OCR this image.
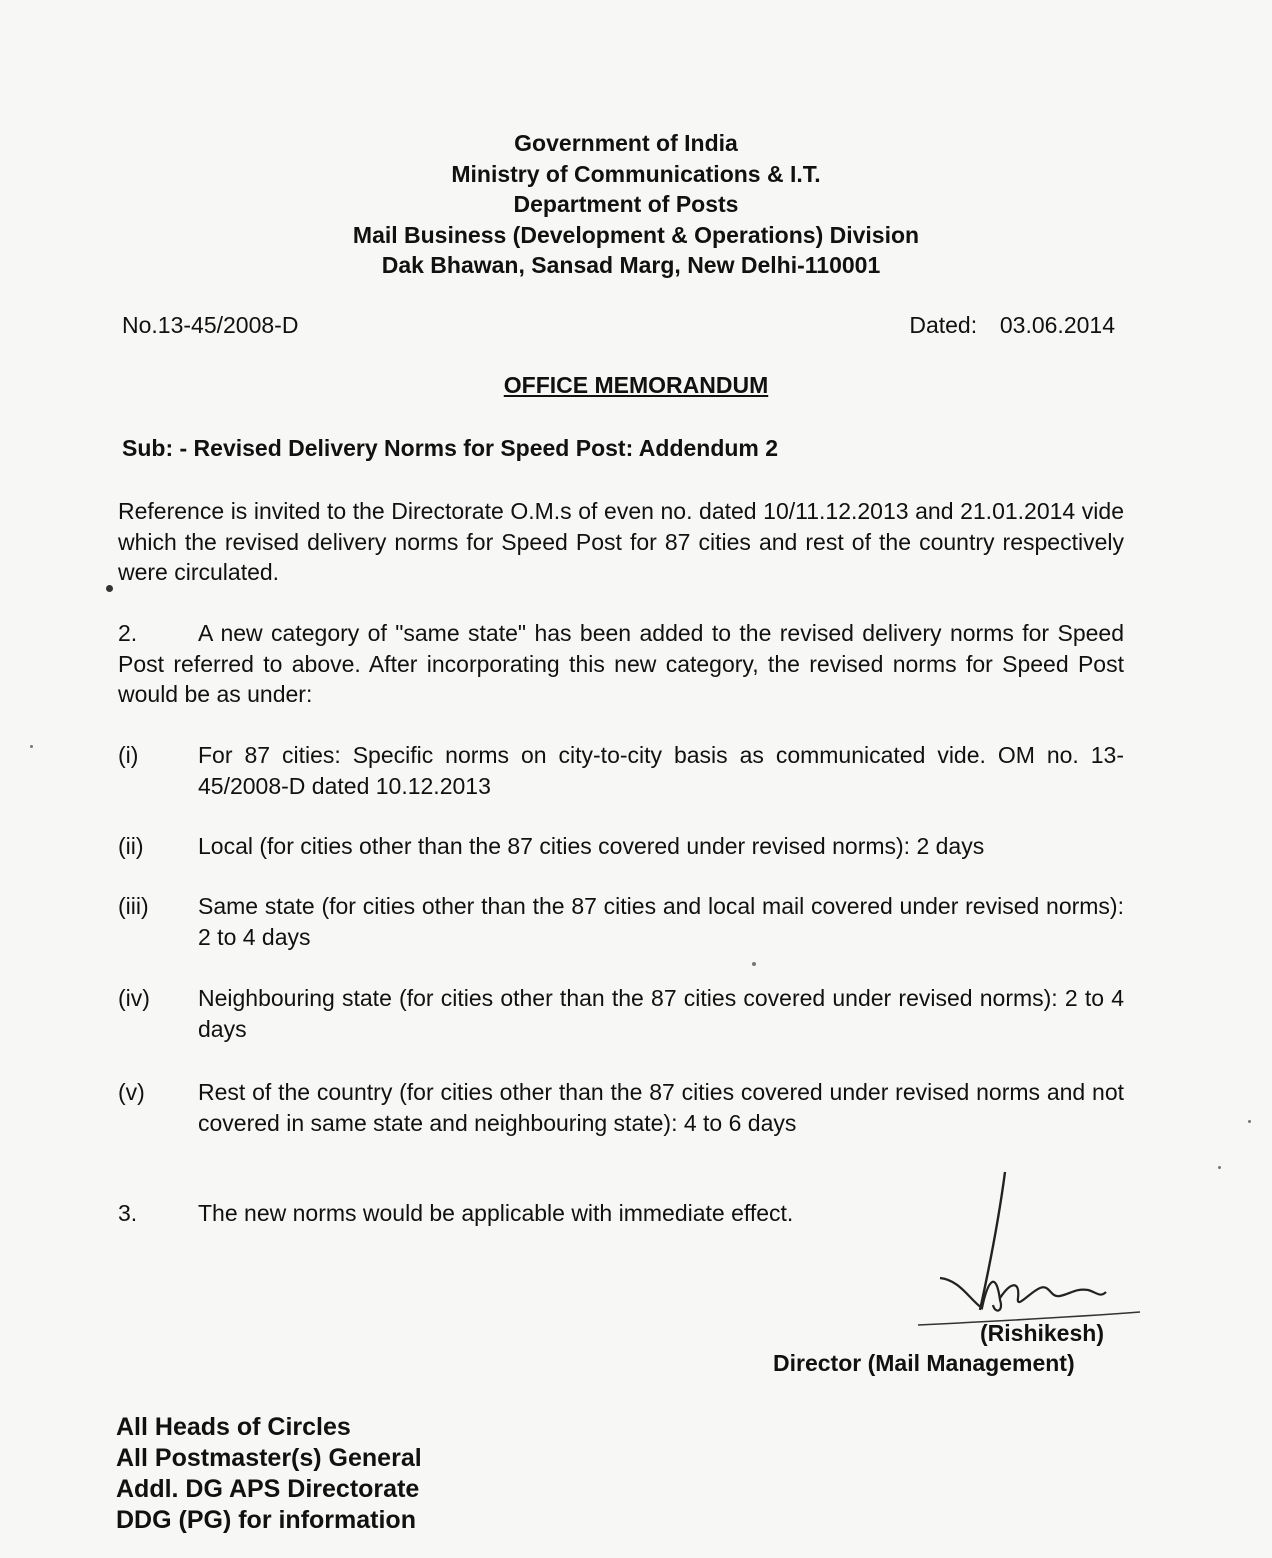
Government of India
Ministry of Communications & I.T.
Department of Posts
Mail Business (Development & Operations) Division
Dak Bhawan, Sansad Marg, New Delhi-110001
No.13-45/2008-D	Dated: 03.06.2014
OFFICE MEMORANDUM
Sub: - Revised Delivery Norms for Speed Post: Addendum 2
Reference is invited to the Directorate O.M.s of even no. dated 10/11.12.2013 and 21.01.2014 vide which the revised delivery norms for Speed Post for 87 cities and rest of the country respectively were circulated.
2.	A new category of "same state" has been added to the revised delivery norms for Speed Post referred to above. After incorporating this new category, the revised norms for Speed Post would be as under:
(i)	For 87 cities: Specific norms on city-to-city basis as communicated vide. OM no. 13-45/2008-D dated 10.12.2013
(ii)	Local (for cities other than the 87 cities covered under revised norms): 2 days
(iii)	Same state (for cities other than the 87 cities and local mail covered under revised norms): 2 to 4 days
(iv)	Neighbouring state (for cities other than the 87 cities covered under revised norms): 2 to 4 days
(v)	Rest of the country (for cities other than the 87 cities covered under revised norms and not covered in same state and neighbouring state): 4 to 6 days
3.	The new norms would be applicable with immediate effect.
(Rishikesh)
Director (Mail Management)
All Heads of Circles
All Postmaster(s) General
Addl. DG APS Directorate
DDG (PG) for information
